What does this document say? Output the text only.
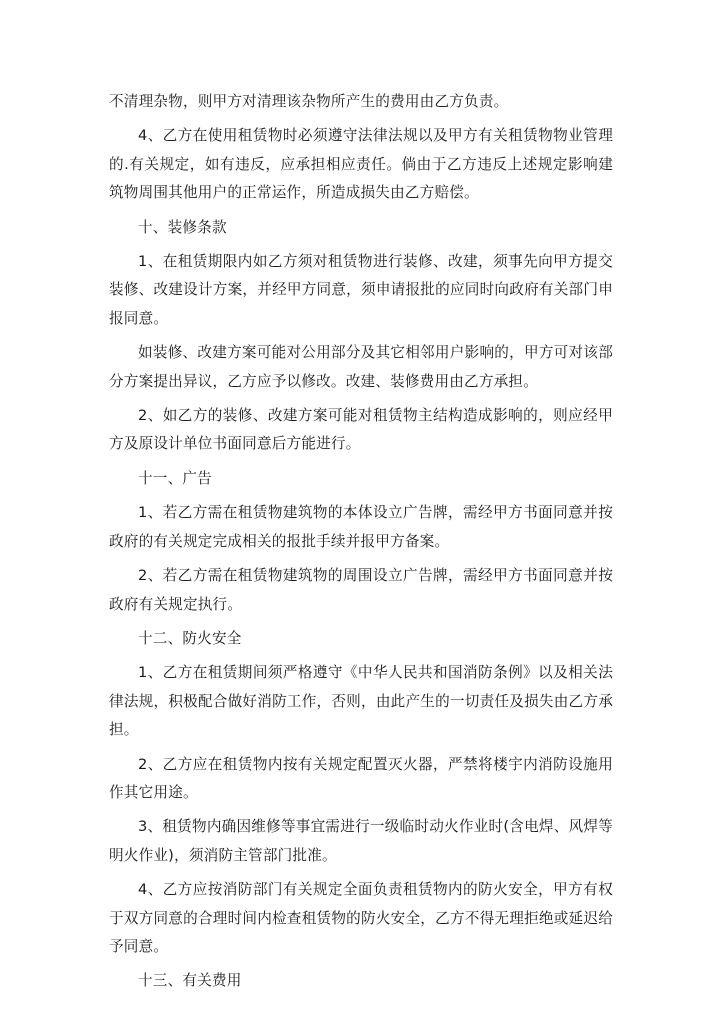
不清理杂物，则甲方对清理该杂物所产生的费用由乙方负责。

4、乙方在使用租赁物时必须遵守法律法规以及甲方有关租赁物物业管理的.有关规定，如有违反，应承担相应责任。倘由于乙方违反上述规定影响建筑物周围其他用户的正常运作，所造成损失由乙方赔偿。

十、装修条款

1、在租赁期限内如乙方须对租赁物进行装修、改建，须事先向甲方提交装修、改建设计方案，并经甲方同意，须申请报批的应同时向政府有关部门申报同意。

如装修、改建方案可能对公用部分及其它相邻用户影响的，甲方可对该部分方案提出异议，乙方应予以修改。改建、装修费用由乙方承担。

2、如乙方的装修、改建方案可能对租赁物主结构造成影响的，则应经甲方及原设计单位书面同意后方能进行。

十一、广告

1、若乙方需在租赁物建筑物的本体设立广告牌，需经甲方书面同意并按政府的有关规定完成相关的报批手续并报甲方备案。

2、若乙方需在租赁物建筑物的周围设立广告牌，需经甲方书面同意并按政府有关规定执行。

十二、防火安全

1、乙方在租赁期间须严格遵守《中华人民共和国消防条例》以及相关法律法规，积极配合做好消防工作，否则，由此产生的一切责任及损失由乙方承担。

2、乙方应在租赁物内按有关规定配置灭火器，严禁将楼宇内消防设施用作其它用途。

3、租赁物内确因维修等事宜需进行一级临时动火作业时(含电焊、风焊等明火作业)，须消防主管部门批准。

4、乙方应按消防部门有关规定全面负责租赁物内的防火安全，甲方有权于双方同意的合理时间内检查租赁物的防火安全，乙方不得无理拒绝或延迟给予同意。

十三、有关费用
